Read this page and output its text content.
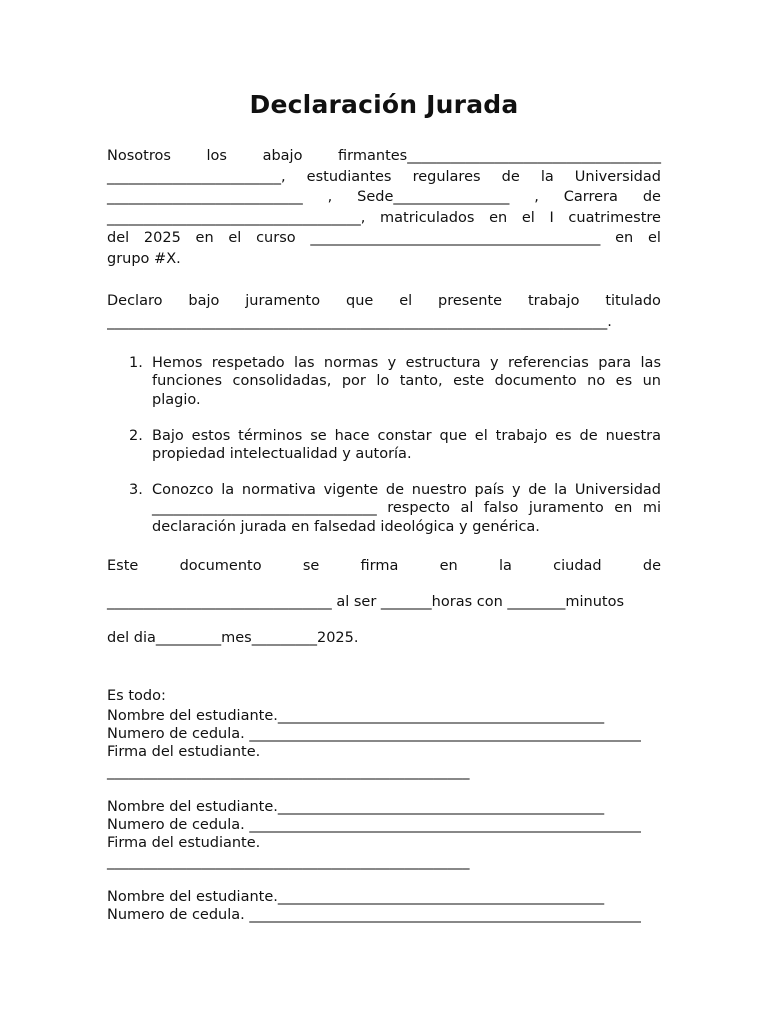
Declaración Jurada
Nosotros los abajo firmantes___________________________________
________________________, estudiantes regulares de la Universidad
___________________________ , Sede________________ , Carrera de
___________________________________, matriculados en el I cuatrimestre
del 2025 en el curso ________________________________________ en el
grupo #X.
Declaro bajo juramento que el presente trabajo titulado
_____________________________________________________________________.
1. Hemos respetado las normas y estructura y referencias para las funciones consolidadas, por lo tanto, este documento no es un plagio.
2. Bajo estos términos se hace constar que el trabajo es de nuestra propiedad intelectualidad y autoría.
3. Conozco la normativa vigente de nuestro país y de la Universidad _______________________________ respecto al falso juramento en mi declaración jurada en falsedad ideológica y genérica.
Este	documento	se	firma	en	la	ciudad	de
_______________________________ al ser _______horas con ________minutos
del dia_________mes_________2025.
Es todo:
Nombre del estudiante._____________________________________________
Numero de cedula. ______________________________________________________
Firma del estudiante.
__________________________________________________
Nombre del estudiante._____________________________________________
Numero de cedula. ______________________________________________________
Firma del estudiante.
__________________________________________________
Nombre del estudiante._____________________________________________
Numero de cedula. ______________________________________________________
